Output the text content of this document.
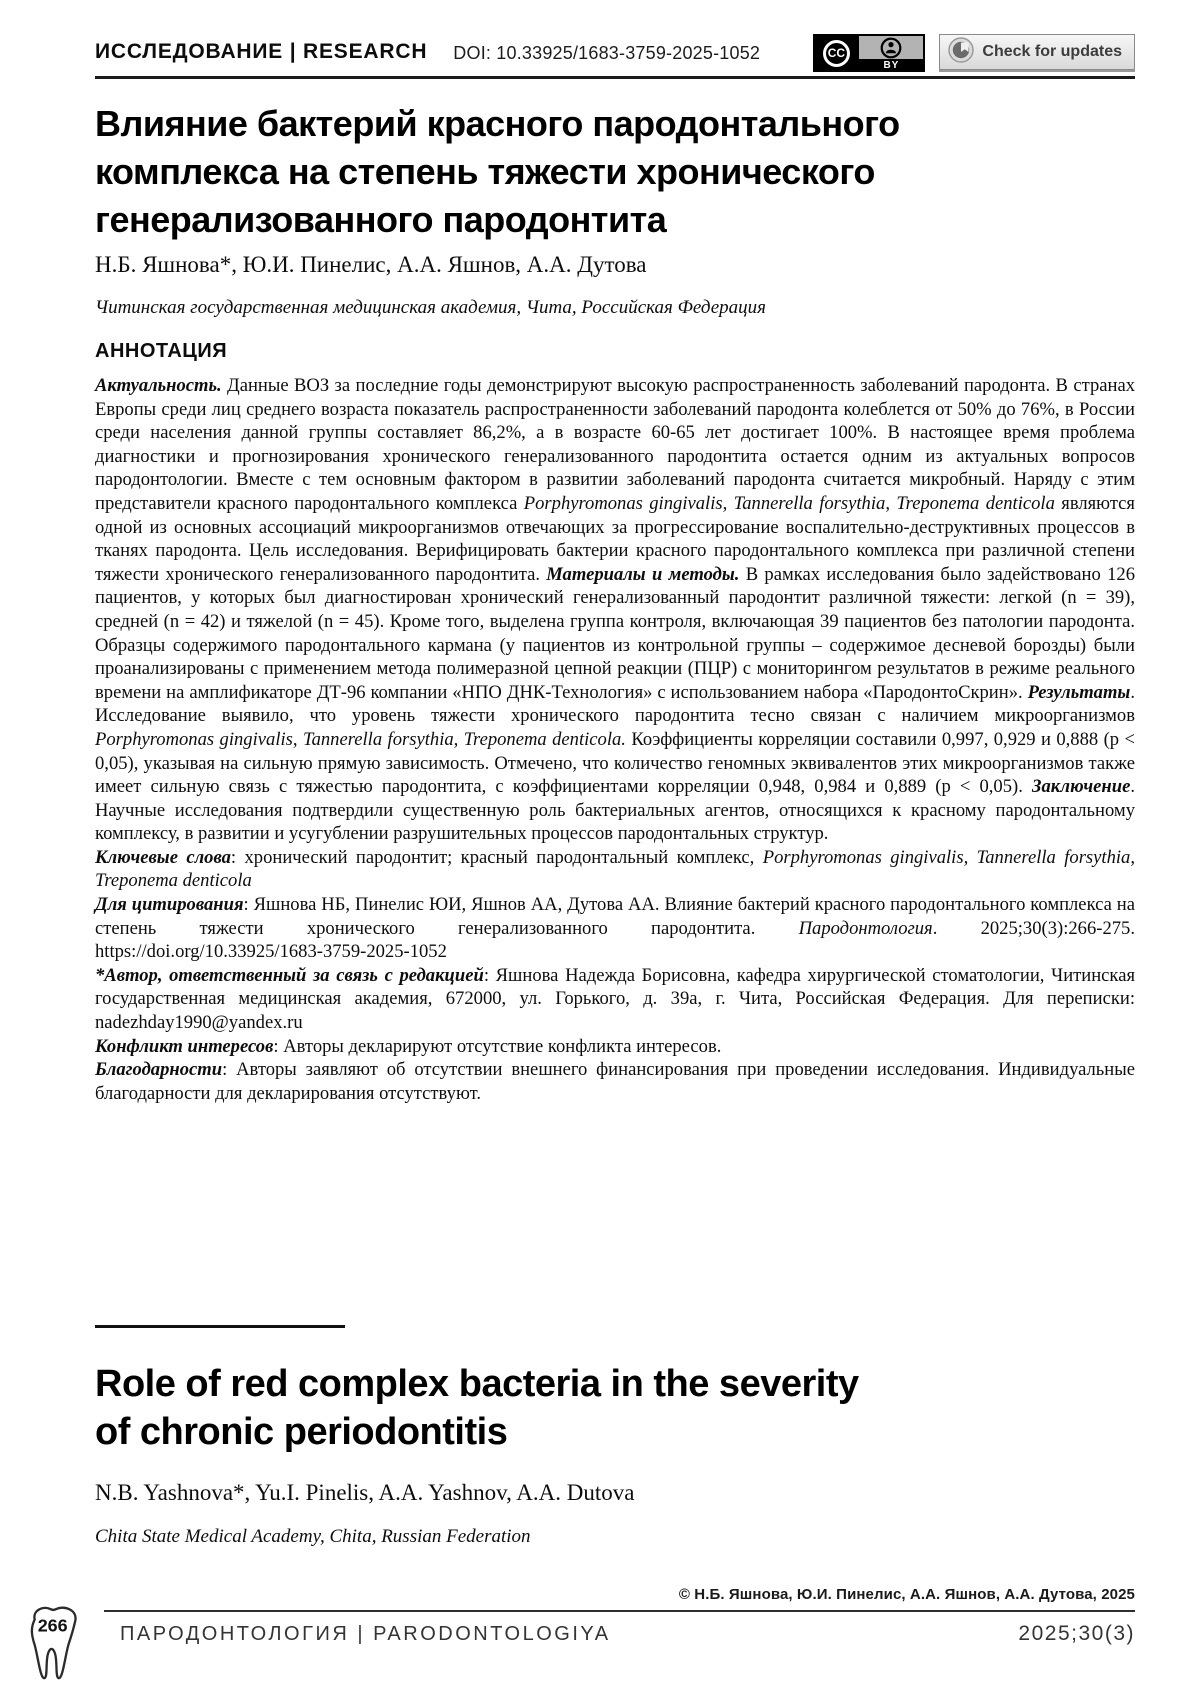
ИССЛЕДОВАНИЕ | RESEARCH DOI: 10.33925/1683-3759-2025-1052	CC
BY
Check for updates
Влияние бактерий красного пародонтального
комплекса на степень тяжести хронического
генерализованного пародонтита
Н.Б. Яшнова*, Ю.И. Пинелис, А.А. Яшнов, А.А. Дутова
Читинская государственная медицинская академия, Чита, Российская Федерация
АННОТАЦИЯ

Актуальность. Данные ВОЗ за последние годы демонстрируют высокую распространенность заболеваний пародонта. В странах Европы среди лиц среднего возраста показатель распространенности заболеваний пародонта колеблется от 50% до 76%, в России среди населения данной группы составляет 86,2%, а в возрасте 60-65 лет достигает 100%. В настоящее время проблема диагностики и прогнозирования хронического генерализованного пародонтита остается одним из актуальных вопросов пародонтологии. Вместе с тем основным фактором в развитии заболеваний пародонта считается микробный. Наряду с этим представители красного пародонтального комплекса Porphyromonas gingivalis, Tannerella forsythia, Treponema denticola являются одной из основных ассоциаций микроорганизмов отвечающих за прогрессирование воспалительно-деструктивных процессов в тканях пародонта. Цель исследования. Верифицировать бактерии красного пародонтального комплекса при различной степени тяжести хронического генерализованного пародонтита. Материалы и методы. В рамках исследования было задействовано 126 пациентов, у которых был диагностирован хронический генерализованный пародонтит различной тяжести: легкой (n = 39), средней (n = 42) и тяжелой (n = 45). Кроме того, выделена группа контроля, включающая 39 пациентов без патологии пародонта. Образцы содержимого пародонтального кармана (у пациентов из контрольной группы – содержимое десневой борозды) были проанализированы с применением метода полимеразной цепной реакции (ПЦР) с мониторингом результатов в режиме реального времени на амплификаторе ДТ-96 компании «НПО ДНК-Технология» с использованием набора «ПародонтоСкрин». Результаты. Исследование выявило, что уровень тяжести хронического пародонтита тесно связан с наличием микроорганизмов Porphyromonas gingivalis, Tannerella forsythia, Treponema denticola. Коэффициенты корреляции составили 0,997, 0,929 и 0,888 (p < 0,05), указывая на сильную прямую зависимость. Отмечено, что количество геномных эквивалентов этих микроорганизмов также имеет сильную связь с тяжестью пародонтита, с коэффициентами корреляции 0,948, 0,984 и 0,889 (p < 0,05). Заключение. Научные исследования подтвердили существенную роль бактериальных агентов, относящихся к красному пародонтальному комплексу, в развитии и усугублении разрушительных процессов пародонтальных структур.

Ключевые слова: хронический пародонтит; красный пародонтальный комплекс, Porphyromonas gingivalis, Tannerella forsythia, Treponema denticola

Для цитирования: Яшнова НБ, Пинелис ЮИ, Яшнов АА, Дутова АА. Влияние бактерий красного пародонтального комплекса на степень тяжести хронического генерализованного пародонтита. Пародонтология. 2025;30(3):266-275. https://doi.org/10.33925/1683-3759-2025-1052

*Автор, ответственный за связь с редакцией: Яшнова Надежда Борисовна, кафедра хирургической стоматологии, Читинская государственная медицинская академия, 672000, ул. Горького, д. 39а, г. Чита, Российская Федерация. Для переписки: nadezhday1990@yandex.ru

Конфликт интересов: Авторы декларируют отсутствие конфликта интересов.

Благодарности: Авторы заявляют об отсутствии внешнего финансирования при проведении исследования. Индивидуальные благодарности для декларирования отсутствуют.

Role of red complex bacteria in the severity
of chronic periodontitis
N.B. Yashnova*, Yu.I. Pinelis, A.A. Yashnov, A.A. Dutova
Chita State Medical Academy, Chita, Russian Federation
© Н.Б. Яшнова, Ю.И. Пинелис, А.А. Яшнов, А.А. Дутова, 2025
ПАРОДОНТОЛОГИЯ | PARODONTOLOGIYA	2025;30(3)
266
